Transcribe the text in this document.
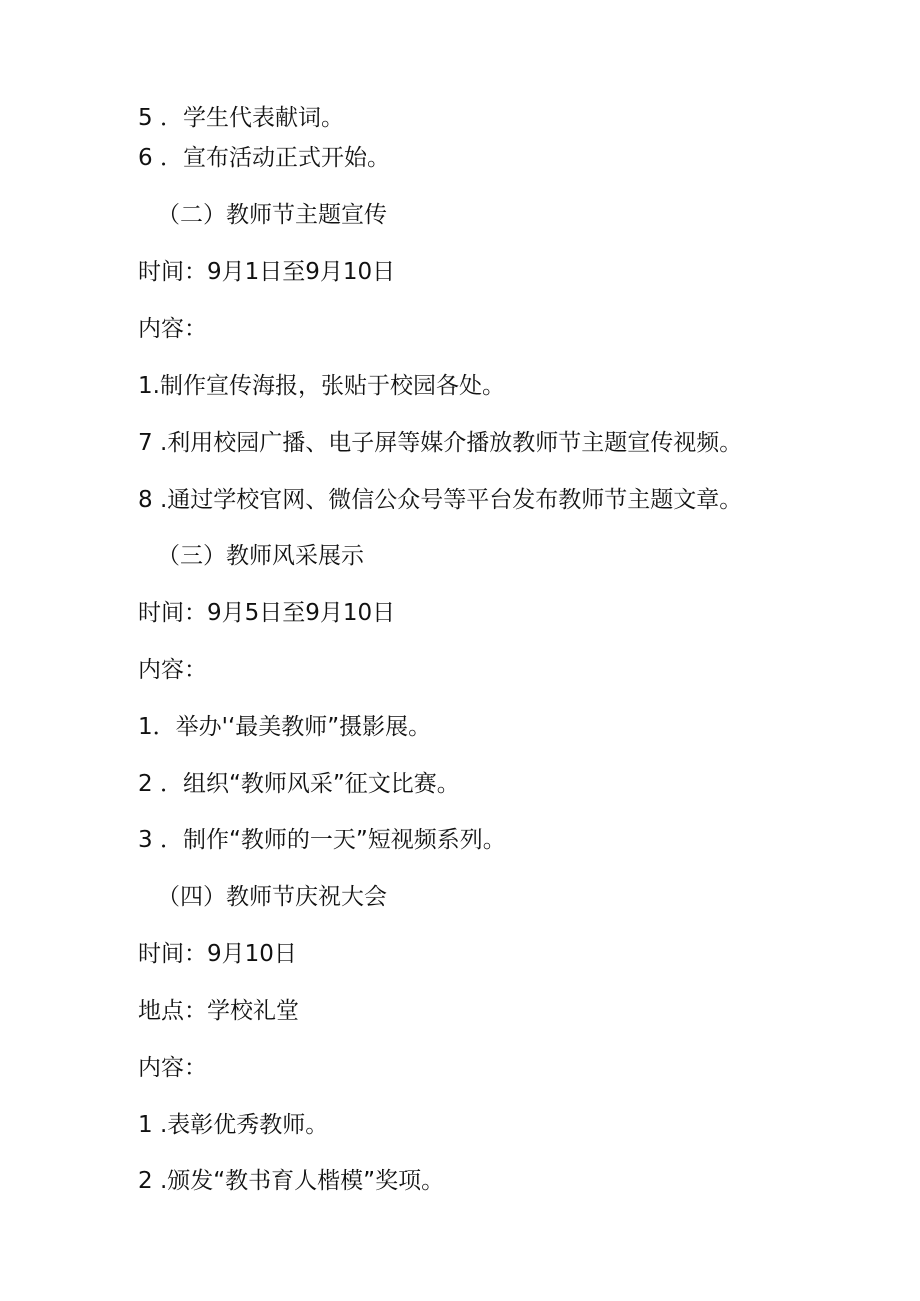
5 ．学生代表献词。
6 ．宣布活动正式开始。
（二）教师节主题宣传
时间：9月1日至9月10日
内容：
1.制作宣传海报，张贴于校园各处。
7 .利用校园广播、电子屏等媒介播放教师节主题宣传视频。
8 .通过学校官网、微信公众号等平台发布教师节主题文章。
（三）教师风采展示
时间：9月5日至9月10日
内容：
1．举办'‘最美教师”摄影展。
2 ．组织“教师风采”征文比赛。
3 ．制作“教师的一天”短视频系列。
（四）教师节庆祝大会
时间：9月10日
地点：学校礼堂
内容：
1 .表彰优秀教师。
2 .颁发“教书育人楷模”奖项。
